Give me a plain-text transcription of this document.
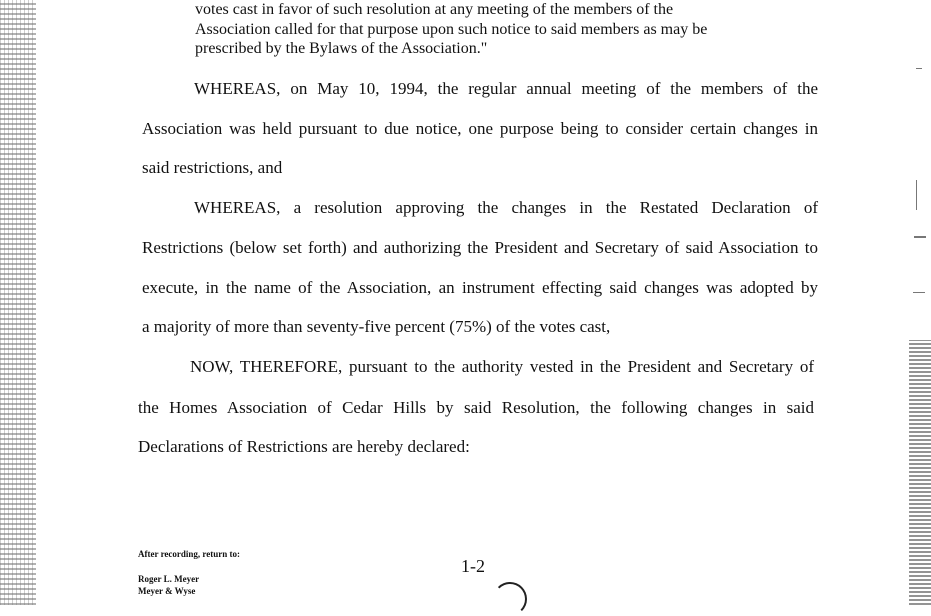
votes cast in favor of such resolution at any meeting of the members of the
Association called for that purpose upon such notice to said members as may be
prescribed by the Bylaws of the Association."
WHEREAS, on May 10, 1994, the regular annual meeting of the members of the
Association was held pursuant to due notice, one purpose being to consider certain changes in
said restrictions, and
WHEREAS, a resolution approving the changes in the Restated Declaration of
Restrictions (below set forth) and authorizing the President and Secretary of said Association to
execute, in the name of the Association, an instrument effecting said changes was adopted by
a majority of more than seventy-five percent (75%) of the votes cast,
NOW, THEREFORE, pursuant to the authority vested in the President and Secretary of
the Homes Association of Cedar Hills by said Resolution, the following changes in said
Declarations of Restrictions are hereby declared:
After recording, return to:
Roger L. Meyer
Meyer & Wyse
1-2
